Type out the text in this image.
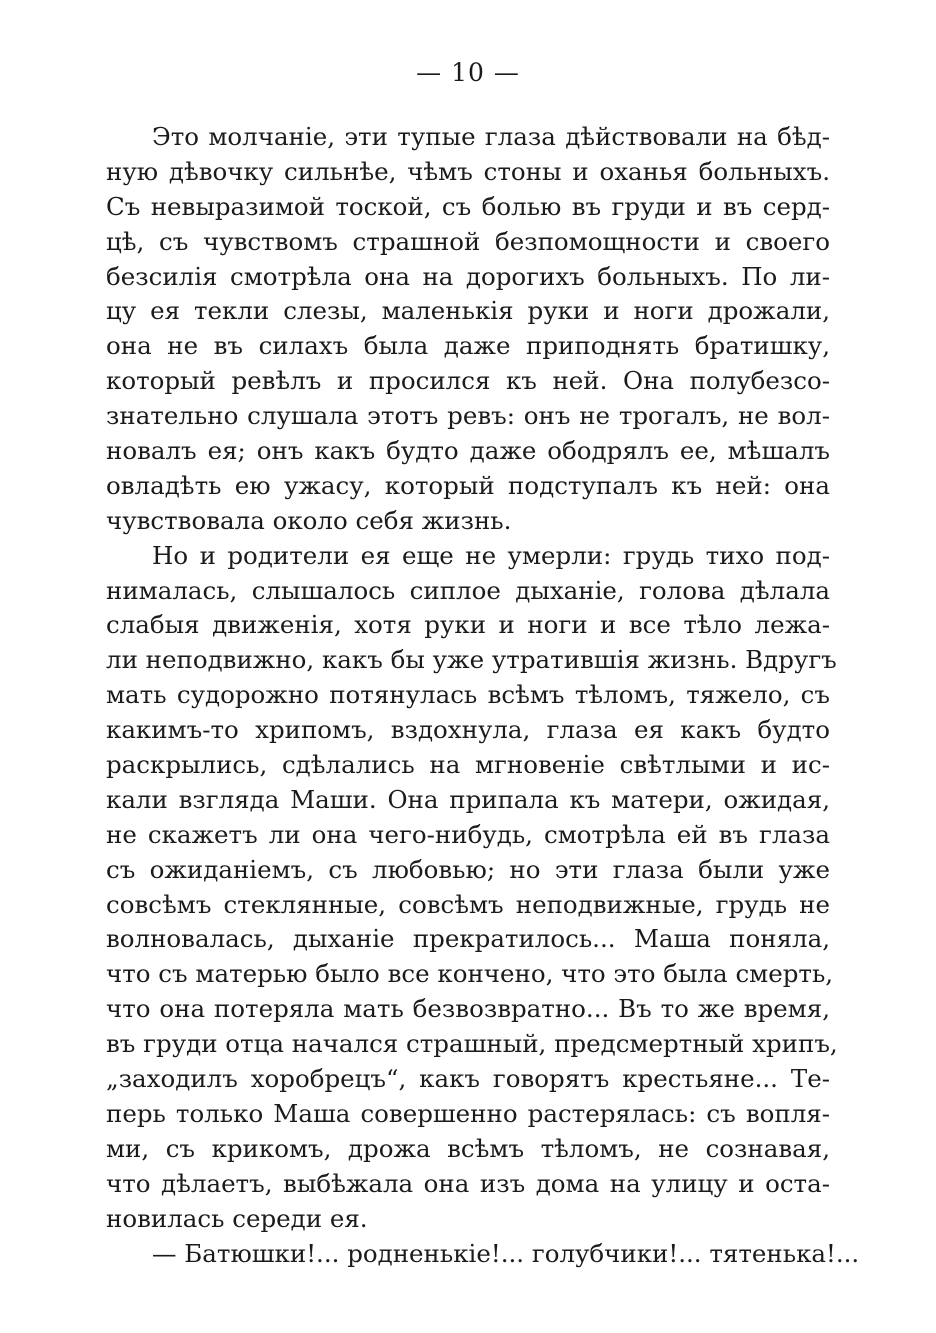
— 10 —
Это молчаніе, эти тупые глаза дѣйствовали на бѣд-
ную дѣвочку сильнѣе, чѣмъ стоны и оханья больныхъ.
Съ невыразимой тоской, съ болью въ груди и въ серд-
цѣ, съ чувствомъ страшной безпомощности и своего
безсилія смотрѣла она на дорогихъ больныхъ. По ли-
цу ея текли слезы, маленькія руки и ноги дрожали,
она не въ силахъ была даже приподнять братишку,
который ревѣлъ и просился къ ней. Она полубезсо-
знательно слушала этотъ ревъ: онъ не трогалъ, не вол-
новалъ ея; онъ какъ будто даже ободрялъ ее, мѣшалъ
овладѣть ею ужасу, который подступалъ къ ней: она
чувствовала около себя жизнь.
Но и родители ея еще не умерли: грудь тихо под-
нималась, слышалось сиплое дыханіе, голова дѣлала
слабыя движенія, хотя руки и ноги и все тѣло лежа-
ли неподвижно, какъ бы уже утратившія жизнь. Вдругъ
мать судорожно потянулась всѣмъ тѣломъ, тяжело, съ
какимъ-то хрипомъ, вздохнула, глаза ея какъ будто
раскрылись, сдѣлались на мгновеніе свѣтлыми и ис-
кали взгляда Маши. Она припала къ матери, ожидая,
не скажетъ ли она чего-нибудь, смотрѣла ей въ глаза
съ ожиданіемъ, съ любовью; но эти глаза были уже
совсѣмъ стеклянные, совсѣмъ неподвижные, грудь не
волновалась, дыханіе прекратилось... Маша поняла,
что съ матерью было все кончено, что это была смерть,
что она потеряла мать безвозвратно... Въ то же время,
въ груди отца начался страшный, предсмертный хрипъ,
„заходилъ хоробрецъ“, какъ говорятъ крестьяне... Те-
перь только Маша совершенно растерялась: съ вопля-
ми, съ крикомъ, дрожа всѣмъ тѣломъ, не сознавая,
что дѣлаетъ, выбѣжала она изъ дома на улицу и оста-
новилась середи ея.
— Батюшки!... родненькіе!... голубчики!... тятенька!...
